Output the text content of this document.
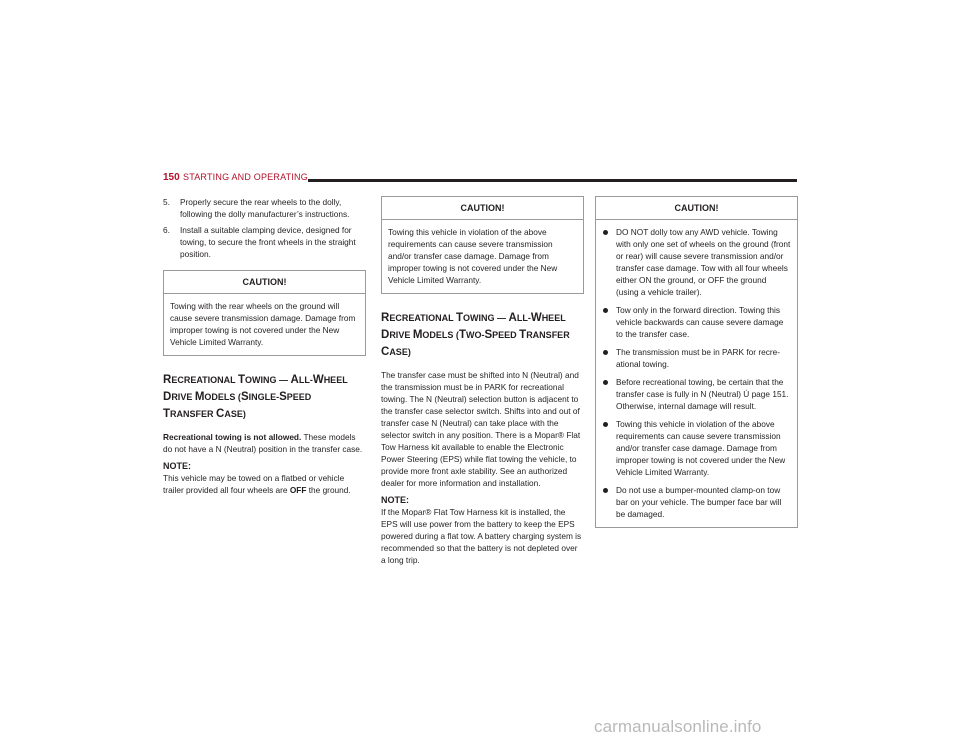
150 STARTING AND OPERATING
5. Properly secure the rear wheels to the dolly, following the dolly manufacturer’s instructions.
6. Install a suitable clamping device, designed for towing, to secure the front wheels in the straight position.
CAUTION!
Towing with the rear wheels on the ground will cause severe transmission damage. Damage from improper towing is not covered under the New Vehicle Limited Warranty.
RECREATIONAL TOWING — ALL-WHEEL
DRIVE MODELS (SINGLE-SPEED
TRANSFER CASE)

Recreational towing is not allowed. These models do not have a N (Neutral) position in the transfer case.

NOTE:

This vehicle may be towed on a flatbed or vehicle trailer provided all four wheels are OFF the ground.

CAUTION!
Towing this vehicle in violation of the above requirements can cause severe transmission and/or transfer case damage. Damage from improper towing is not covered under the New Vehicle Limited Warranty.
RECREATIONAL TOWING — ALL-WHEEL
DRIVE MODELS (TWO-SPEED TRANSFER
CASE)

The transfer case must be shifted into N (Neutral) and the transmission must be in PARK for recreational towing. The N (Neutral) selection button is adjacent to the transfer case selector switch. Shifts into and out of transfer case N (Neutral) can take place with the selector switch in any position. There is a Mopar® Flat Tow Harness kit available to enable the Electronic Power Steering (EPS) while flat towing the vehicle, to provide more front axle stability. See an authorized dealer for more information and installation.

NOTE:

If the Mopar® Flat Tow Harness kit is installed, the EPS will use power from the battery to keep the EPS powered during a flat tow. A battery charging system is recommended so that the battery is not depleted over a long trip.

CAUTION!
DO NOT dolly tow any AWD vehicle. Towing with only one set of wheels on the ground (front or rear) will cause severe transmission and/or transfer case damage. Tow with all four wheels either ON the ground, or OFF the ground (using a vehicle trailer).
Tow only in the forward direction. Towing this vehicle backwards can cause severe damage to the transfer case.
The transmission must be in PARK for recre-ational towing.
Before recreational towing, be certain that the transfer case is fully in N (Neutral) Ú page 151. Otherwise, internal damage will result.
Towing this vehicle in violation of the above requirements can cause severe transmission and/or transfer case damage. Damage from improper towing is not covered under the New Vehicle Limited Warranty.
Do not use a bumper-mounted clamp-on tow bar on your vehicle. The bumper face bar will be damaged.
carmanualsonline.info
